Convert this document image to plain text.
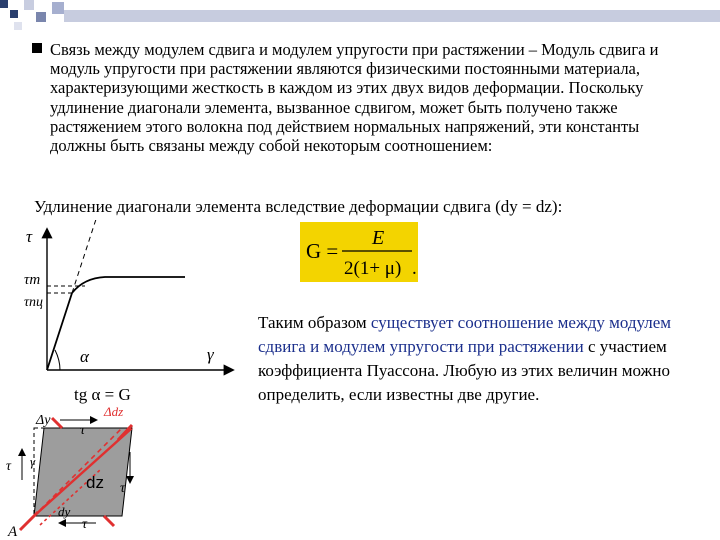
Связь между модулем сдвига и модулем упругости при растяжении – Модуль сдвига и модуль упругости при растяжении являются физическими постоянными материала, характеризующими жесткость в каждом из этих двух видов деформации. Поскольку удлинение диагонали элемента, вызванное сдвигом, может быть получено также растяжением этого волокна под действием нормальных напряжений, эти константы должны быть связаны между собой некоторым соотношением:
Удлинение диагонали элемента вследствие деформации сдвига (dy = dz):
G =
E
2(1+ μ) .
Таким образом существует соотношение между модулем сдвига и модулем упругости при растяжении с участием коэффициента Пуассона. Любую из этих величин можно определить, если известны две другие.
τ
γ
τт
τпц
α
tg α = G
Δy
Δdz
τ
τ
τ
τ
γ
dz
dy
A
